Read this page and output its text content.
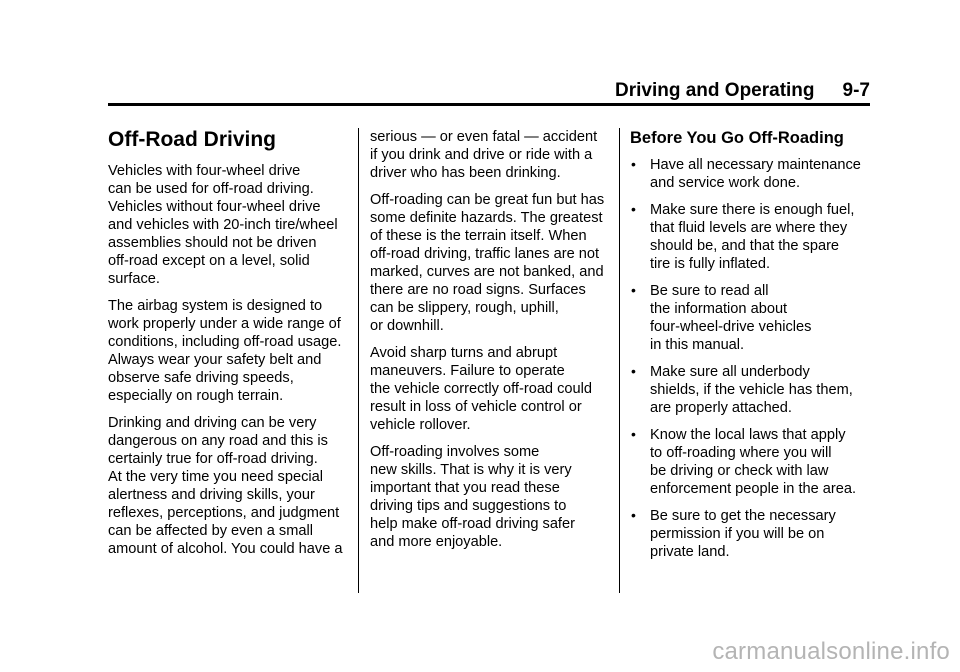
Driving and Operating 9-7
Off-Road Driving
Vehicles with four-wheel drive
can be used for off-road driving.
Vehicles without four-wheel drive
and vehicles with 20-inch tire/wheel
assemblies should not be driven
off-road except on a level, solid
surface.
The airbag system is designed to
work properly under a wide range of
conditions, including off-road usage.
Always wear your safety belt and
observe safe driving speeds,
especially on rough terrain.
Drinking and driving can be very
dangerous on any road and this is
certainly true for off-road driving.
At the very time you need special
alertness and driving skills, your
reflexes, perceptions, and judgment
can be affected by even a small
amount of alcohol. You could have a
serious — or even fatal — accident
if you drink and drive or ride with a
driver who has been drinking.
Off-roading can be great fun but has
some definite hazards. The greatest
of these is the terrain itself. When
off-road driving, traffic lanes are not
marked, curves are not banked, and
there are no road signs. Surfaces
can be slippery, rough, uphill,
or downhill.
Avoid sharp turns and abrupt
maneuvers. Failure to operate
the vehicle correctly off-road could
result in loss of vehicle control or
vehicle rollover.
Off-roading involves some
new skills. That is why it is very
important that you read these
driving tips and suggestions to
help make off-road driving safer
and more enjoyable.
Before You Go Off-Roading
• Have all necessary maintenance
and service work done.
• Make sure there is enough fuel,
that fluid levels are where they
should be, and that the spare
tire is fully inflated.
• Be sure to read all
the information about
four-wheel-drive vehicles
in this manual.
• Make sure all underbody
shields, if the vehicle has them,
are properly attached.
• Know the local laws that apply
to off-roading where you will
be driving or check with law
enforcement people in the area.
• Be sure to get the necessary
permission if you will be on
private land.
carmanualsonline.info
